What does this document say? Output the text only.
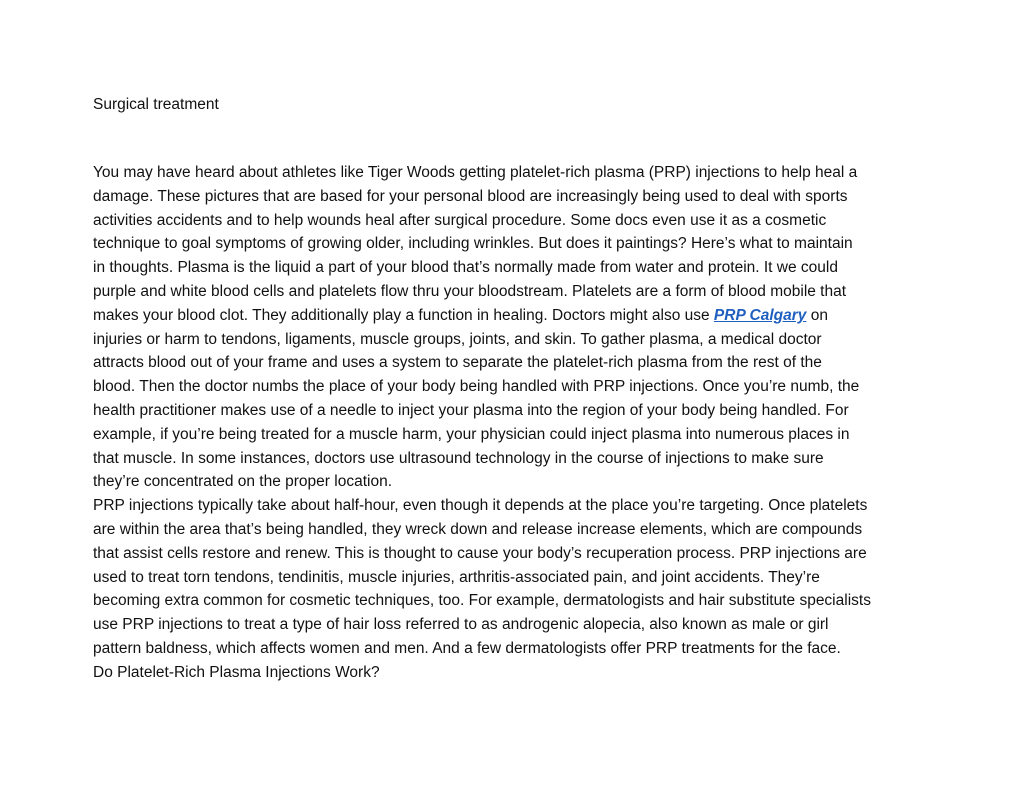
Surgical treatment
You may have heard about athletes like Tiger Woods getting platelet-rich plasma (PRP) injections to help heal a
damage. These pictures that are based for your personal blood are increasingly being used to deal with sports
activities accidents and to help wounds heal after surgical procedure. Some docs even use it as a cosmetic
technique to goal symptoms of growing older, including wrinkles. But does it paintings? Here’s what to maintain
in thoughts. Plasma is the liquid a part of your blood that’s normally made from water and protein. It we could
purple and white blood cells and platelets flow thru your bloodstream. Platelets are a form of blood mobile that
makes your blood clot. They additionally play a function in healing. Doctors might also use PRP Calgary on
injuries or harm to tendons, ligaments, muscle groups, joints, and skin. To gather plasma, a medical doctor
attracts blood out of your frame and uses a system to separate the platelet-rich plasma from the rest of the
blood. Then the doctor numbs the place of your body being handled with PRP injections. Once you’re numb, the
health practitioner makes use of a needle to inject your plasma into the region of your body being handled. For
example, if you’re being treated for a muscle harm, your physician could inject plasma into numerous places in
that muscle. In some instances, doctors use ultrasound technology in the course of injections to make sure
they’re concentrated on the proper location.
PRP injections typically take about half-hour, even though it depends at the place you’re targeting. Once platelets
are within the area that’s being handled, they wreck down and release increase elements, which are compounds
that assist cells restore and renew. This is thought to cause your body’s recuperation process. PRP injections are
used to treat torn tendons, tendinitis, muscle injuries, arthritis-associated pain, and joint accidents. They’re
becoming extra common for cosmetic techniques, too. For example, dermatologists and hair substitute specialists
use PRP injections to treat a type of hair loss referred to as androgenic alopecia, also known as male or girl
pattern baldness, which affects women and men. And a few dermatologists offer PRP treatments for the face.
Do Platelet-Rich Plasma Injections Work?
